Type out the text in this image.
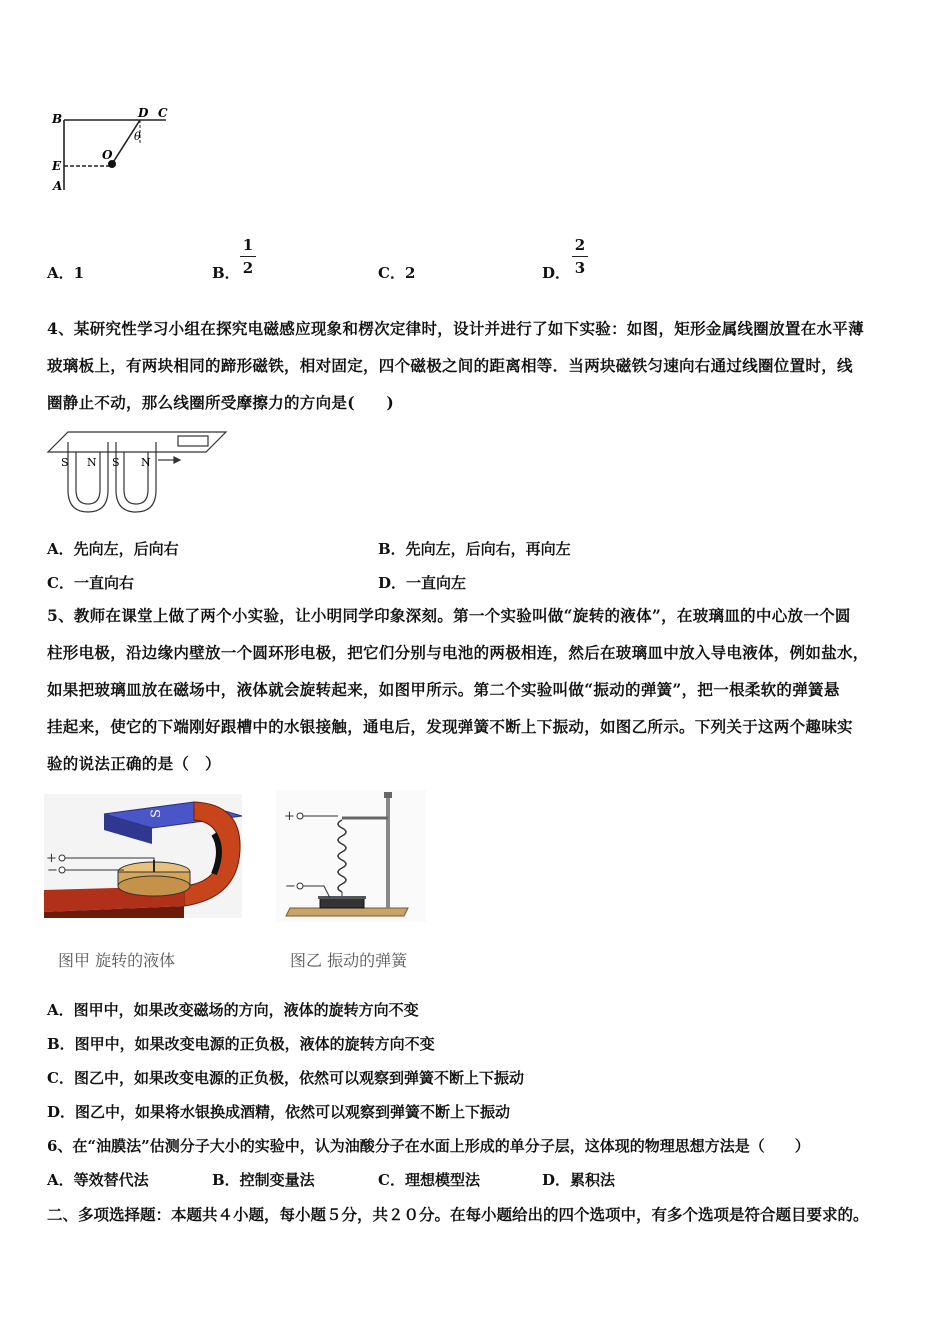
B	D C
E
O
A
θ
A．1	B．
1
2	C．2	D．
2
3
4、某研究性学习小组在探究电磁感应现象和楞次定律时，设计并进行了如下实验：如图，矩形金属线圈放置在水平薄
玻璃板上，有两块相同的蹄形磁铁，相对固定，四个磁极之间的距离相等．当两块磁铁匀速向右通过线圈位置时，线
圈静止不动，那么线圈所受摩擦力的方向是(　　)
S N S N
A．先向左，后向右	B．先向左，后向右，再向左
C．一直向右	D．一直向左
5、教师在课堂上做了两个小实验，让小明同学印象深刻。第一个实验叫做“旋转的液体”，在玻璃皿的中心放一个圆
柱形电极，沿边缘内壁放一个圆环形电极，把它们分别与电池的两极相连，然后在玻璃皿中放入导电液体，例如盐水，
如果把玻璃皿放在磁场中，液体就会旋转起来，如图甲所示。第二个实验叫做“振动的弹簧”，把一根柔软的弹簧悬
挂起来，使它的下端刚好跟槽中的水银接触，通电后，发现弹簧不断上下振动，如图乙所示。下列关于这两个趣味实
验的说法正确的是（　）
+
−
S	+
−
图甲 旋转的液体	图乙 振动的弹簧
A．图甲中，如果改变磁场的方向，液体的旋转方向不变
B．图甲中，如果改变电源的正负极，液体的旋转方向不变
C．图乙中，如果改变电源的正负极，依然可以观察到弹簧不断上下振动
D．图乙中，如果将水银换成酒精，依然可以观察到弹簧不断上下振动
6、在“油膜法”估测分子大小的实验中，认为油酸分子在水面上形成的单分子层，这体现的物理思想方法是（　　）
A．等效替代法	B．控制变量法	C．理想模型法	D．累积法
二、多项选择题：本题共４小题，每小题５分，共２０分。在每小题给出的四个选项中，有多个选项是符合题目要求的。
